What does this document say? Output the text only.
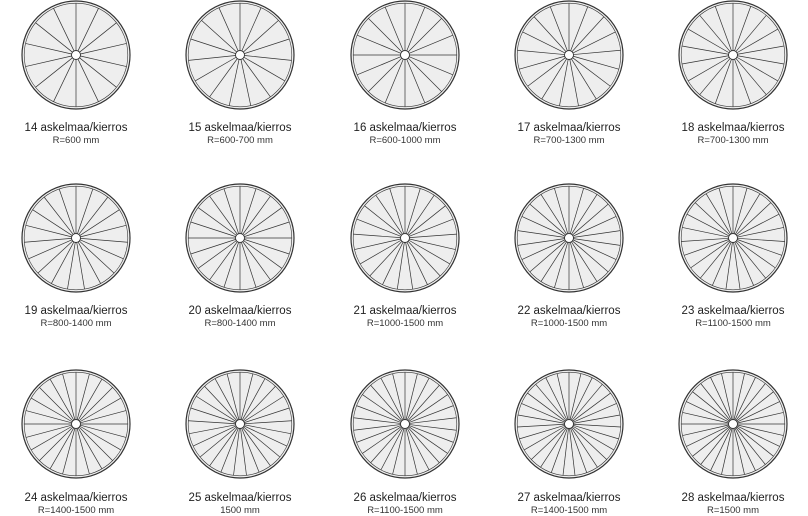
14 askelmaa/kierros
R=600 mm
15 askelmaa/kierros
R=600-700 mm
16 askelmaa/kierros
R=600-1000 mm
17 askelmaa/kierros
R=700-1300 mm
18 askelmaa/kierros
R=700-1300 mm
19 askelmaa/kierros
R=800-1400 mm
20 askelmaa/kierros
R=800-1400 mm
21 askelmaa/kierros
R=1000-1500 mm
22 askelmaa/kierros
R=1000-1500 mm
23 askelmaa/kierros
R=1100-1500 mm
24 askelmaa/kierros
R=1400-1500 mm
25 askelmaa/kierros
1500 mm
26 askelmaa/kierros
R=1100-1500 mm
27 askelmaa/kierros
R=1400-1500 mm
28 askelmaa/kierros
R=1500 mm
